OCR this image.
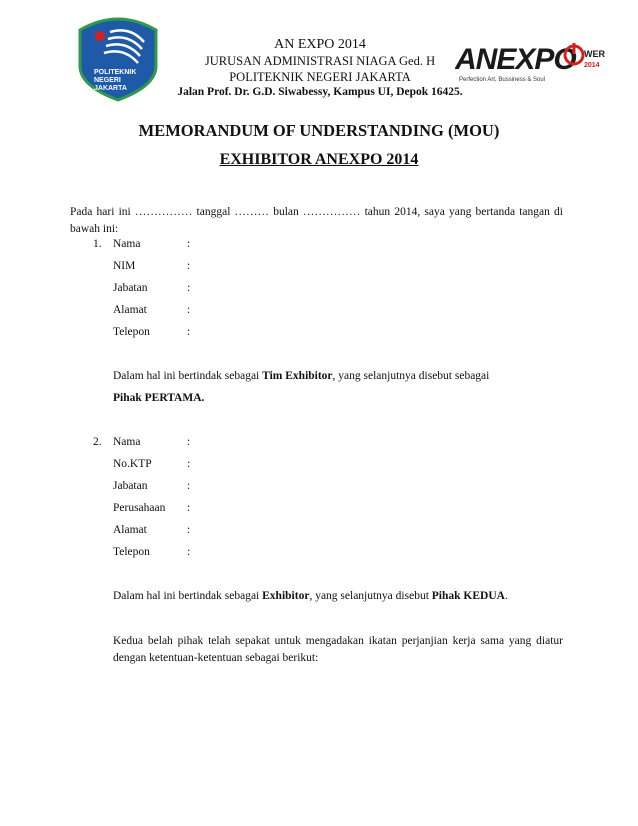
POLITEKNIK
NEGERI
JAKARTA
AN EXPO 2014
JURUSAN ADMINISTRASI NIAGA Ged. H
POLITEKNIK NEGERI JAKARTA
Jalan Prof. Dr. G.D. Siwabessy, Kampus UI, Depok 16425.
ANEXPO WER
2014
Perfection Art, Bussiness & Soul
MEMORANDUM OF UNDERSTANDING (MOU)
EXHIBITOR ANEXPO 2014
Pada hari ini …………… tanggal ……… bulan …………… tahun 2014, saya yang bertanda tangan di bawah ini:
1. Nama	:
NIM	:
Jabatan	:
Alamat	:
Telepon	:
Dalam hal ini bertindak sebagai Tim Exhibitor, yang selanjutnya disebut sebagai
Pihak PERTAMA.
2. Nama	:
No.KTP	:
Jabatan	:
Perusahaan :
Alamat	:
Telepon	:
Dalam hal ini bertindak sebagai Exhibitor, yang selanjutnya disebut Pihak KEDUA.
Kedua belah pihak telah sepakat untuk mengadakan ikatan perjanjian kerja sama yang diatur dengan ketentuan-ketentuan sebagai berikut:
